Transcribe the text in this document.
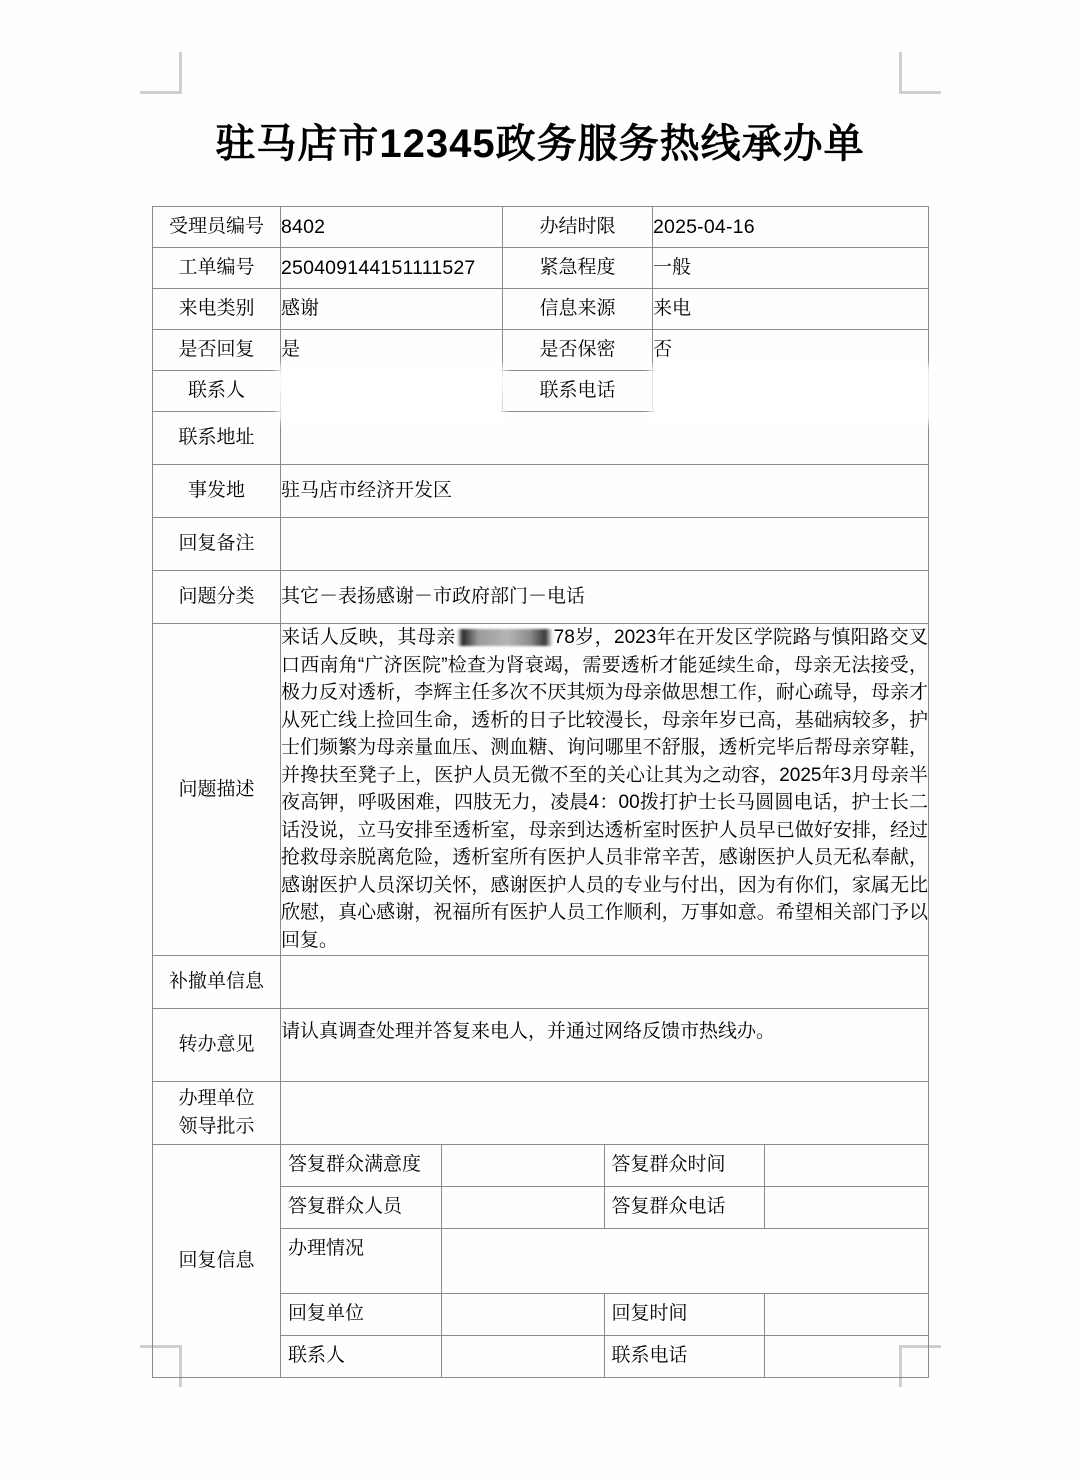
驻马店市12345政务服务热线承办单
受理员编号	8402	办结时限	2025-04-16
工单编号	250409144151111527	紧急程度	一般
来电类别	感谢	信息来源	来电
是否回复	是	是否保密	否
联系人		联系电话	
联系地址	
事发地	驻马店市经济开发区
回复备注	
问题分类	其它－表扬感谢－市政府部门－电话
问题描述	

来话人反映，其母亲	78岁，2023年在开发区学院路与慎阳路交叉口西南角“广济医院”检查为肾衰竭，需要透析才能延续生命，母亲无法接受，极力反对透析，李辉主任多次不厌其烦为母亲做思想工作，耐心疏导，母亲才从死亡线上捡回生命，透析的日子比较漫长，母亲年岁已高，基础病较多，护士们频繁为母亲量血压、测血糖、询问哪里不舒服，透析完毕后帮母亲穿鞋，并搀扶至凳子上，医护人员无微不至的关心让其为之动容，2025年3月母亲半夜高钾，呼吸困难，四肢无力，凌晨4：00拨打护士长马圆圆电话，护士长二话没说，立马安排至透析室，母亲到达透析室时医护人员早已做好安排，经过抢救母亲脱离危险，透析室所有医护人员非常辛苦，感谢医护人员无私奉献，感谢医护人员深切关怀，感谢医护人员的专业与付出，因为有你们，家属无比欣慰，真心感谢，祝福所有医护人员工作顺利，万事如意。希望相关部门予以回复。

补撤单信息	
转办意见	请认真调查处理并答复来电人，并通过网络反馈市热线办。

办理单位
领导批示

回复信息	
答复群众满意度		答复群众时间	
答复群众人员		答复群众电话	
办理情况	
回复单位		回复时间	
联系人		联系电话	
